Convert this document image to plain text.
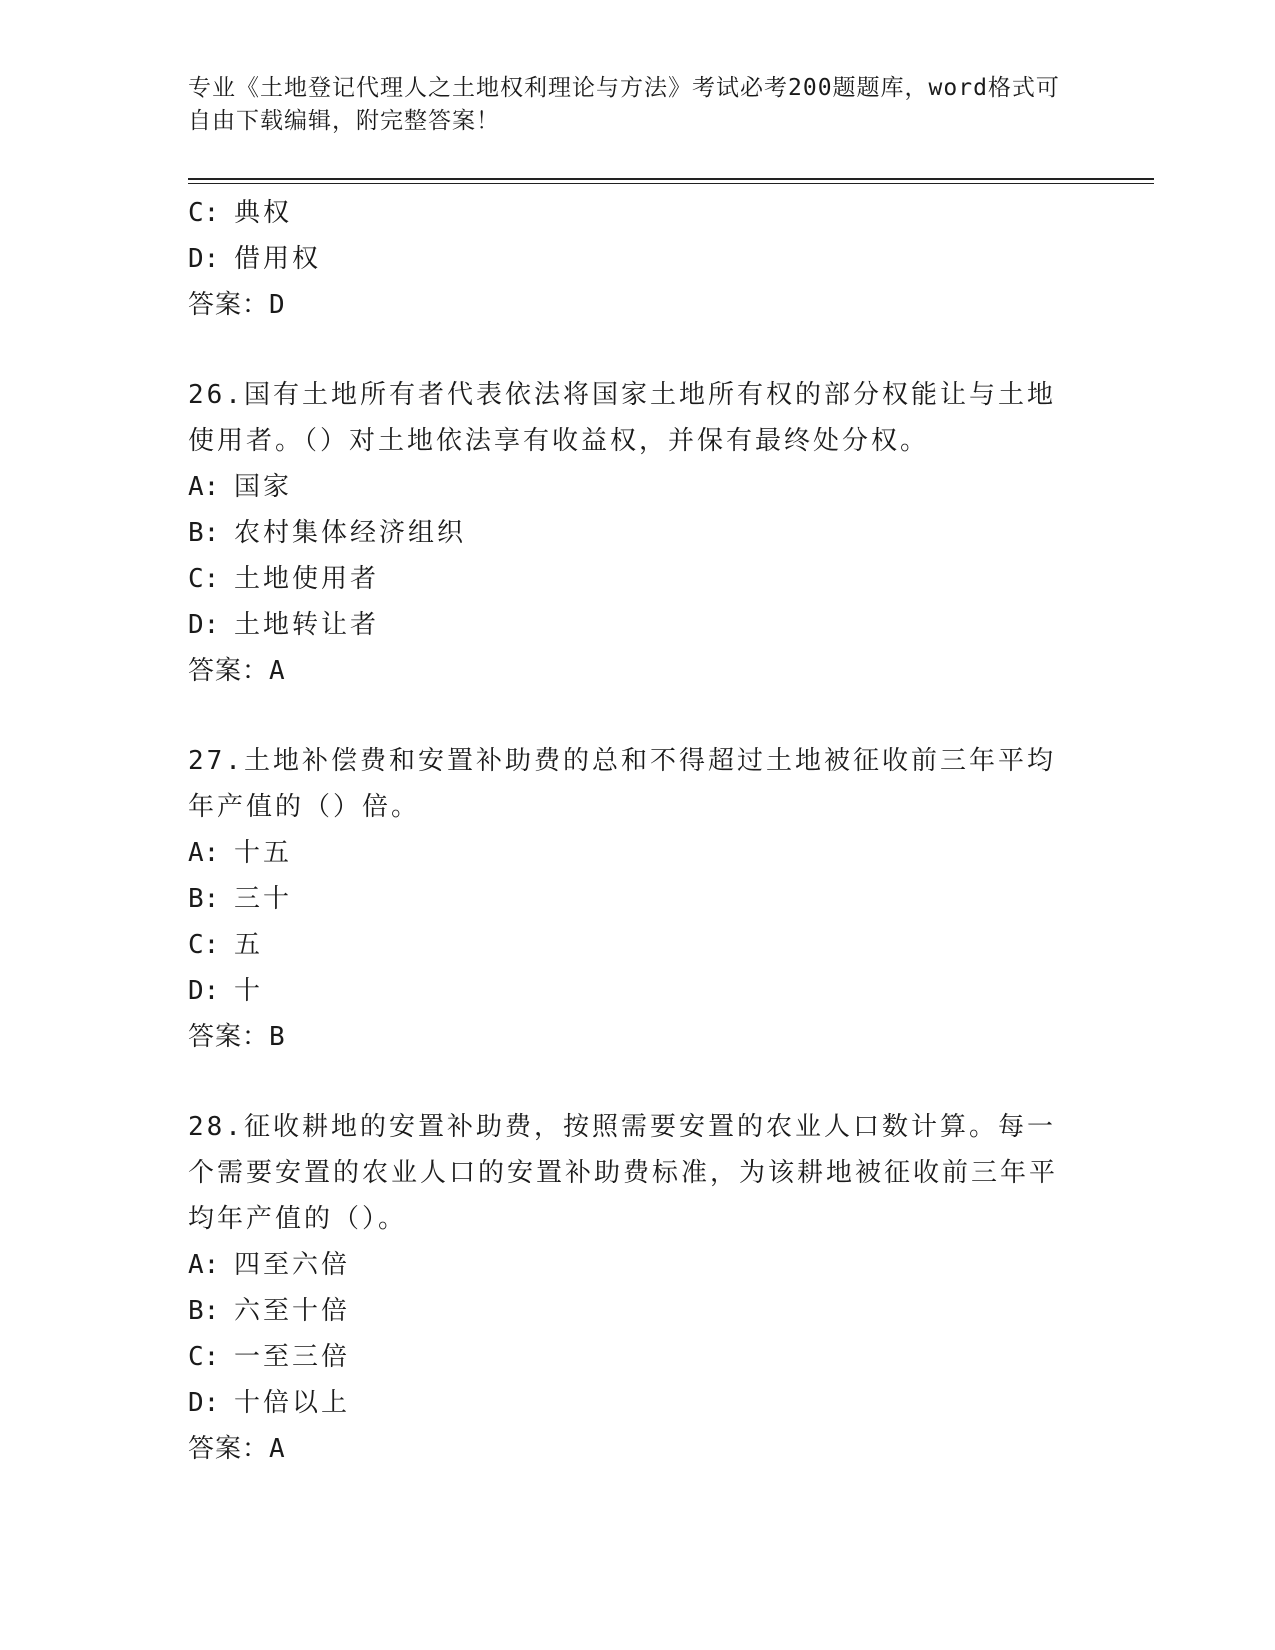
专业《土地登记代理人之土地权利理论与方法》考试必考200题题库，word格式可自由下载编辑，附完整答案！
C: 典权
D: 借用权
答案：D
26.国有土地所有者代表依法将国家土地所有权的部分权能让与土地使用者。（）对土地依法享有收益权，并保有最终处分权。
A: 国家
B: 农村集体经济组织
C: 土地使用者
D: 土地转让者
答案：A
27.土地补偿费和安置补助费的总和不得超过土地被征收前三年平均年产值的（）倍。
A: 十五
B: 三十
C: 五
D: 十
答案：B
28.征收耕地的安置补助费，按照需要安置的农业人口数计算。每一个需要安置的农业人口的安置补助费标准，为该耕地被征收前三年平均年产值的（）。
A: 四至六倍
B: 六至十倍
C: 一至三倍
D: 十倍以上
答案：A
